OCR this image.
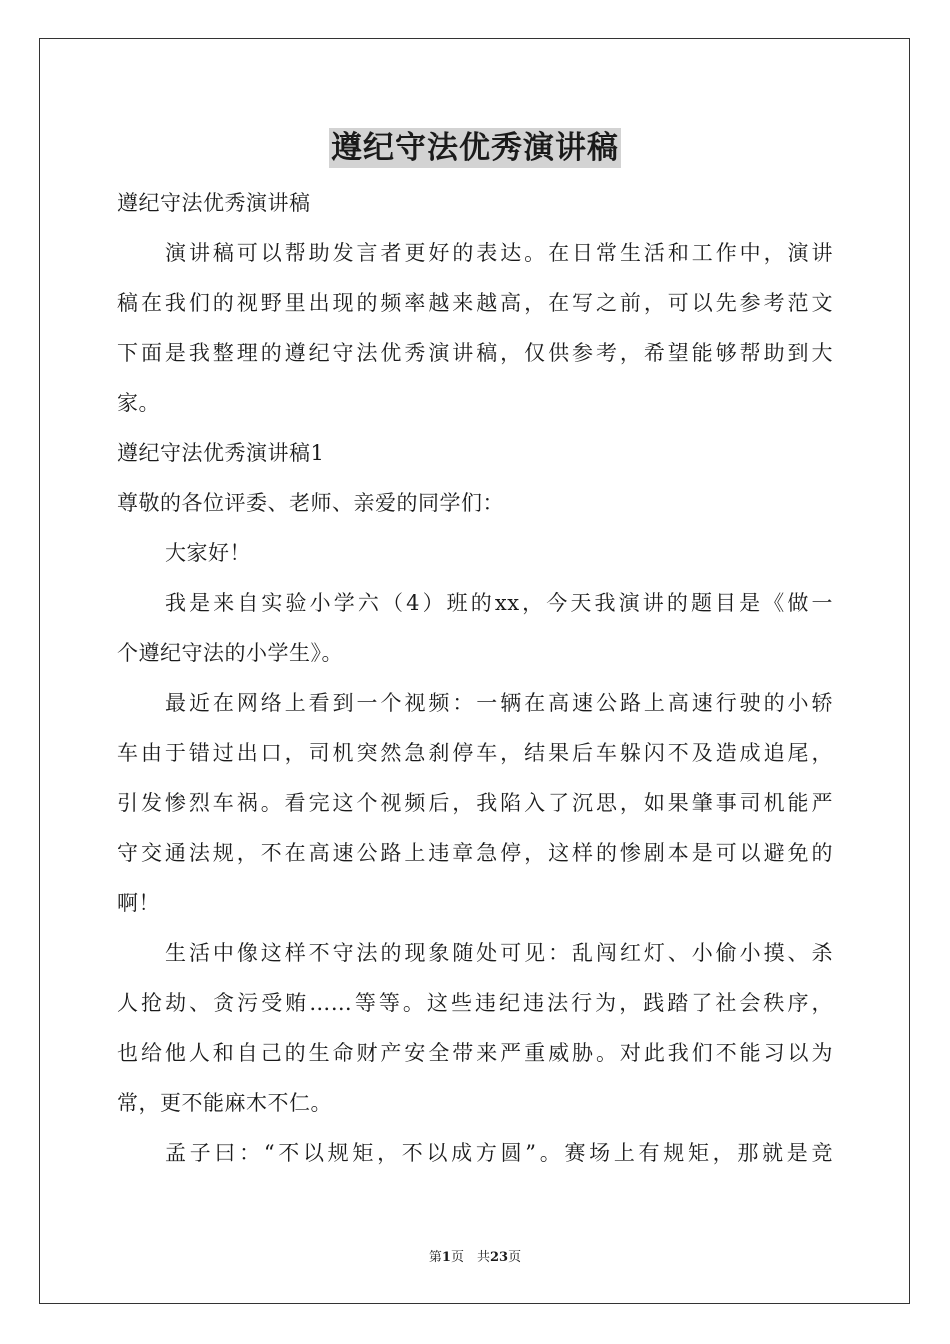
遵纪守法优秀演讲稿
遵纪守法优秀演讲稿
演讲稿可以帮助发言者更好的表达。在日常生活和工作中，演讲
稿在我们的视野里出现的频率越来越高，在写之前，可以先参考范文
下面是我整理的遵纪守法优秀演讲稿，仅供参考，希望能够帮助到大
家。
遵纪守法优秀演讲稿1
尊敬的各位评委、老师、亲爱的同学们：
大家好！
我是来自实验小学六（4）班的xx，今天我演讲的题目是《做一
个遵纪守法的小学生》。
最近在网络上看到一个视频：一辆在高速公路上高速行驶的小轿
车由于错过出口，司机突然急刹停车，结果后车躲闪不及造成追尾，
引发惨烈车祸。看完这个视频后，我陷入了沉思，如果肇事司机能严
守交通法规，不在高速公路上违章急停，这样的惨剧本是可以避免的
啊！
生活中像这样不守法的现象随处可见：乱闯红灯、小偷小摸、杀
人抢劫、贪污受贿……等等。这些违纪违法行为，践踏了社会秩序，
也给他人和自己的生命财产安全带来严重威胁。对此我们不能习以为
常，更不能麻木不仁。
孟子曰：“不以规矩，不以成方圆”。赛场上有规矩，那就是竞
第1页　共23页
